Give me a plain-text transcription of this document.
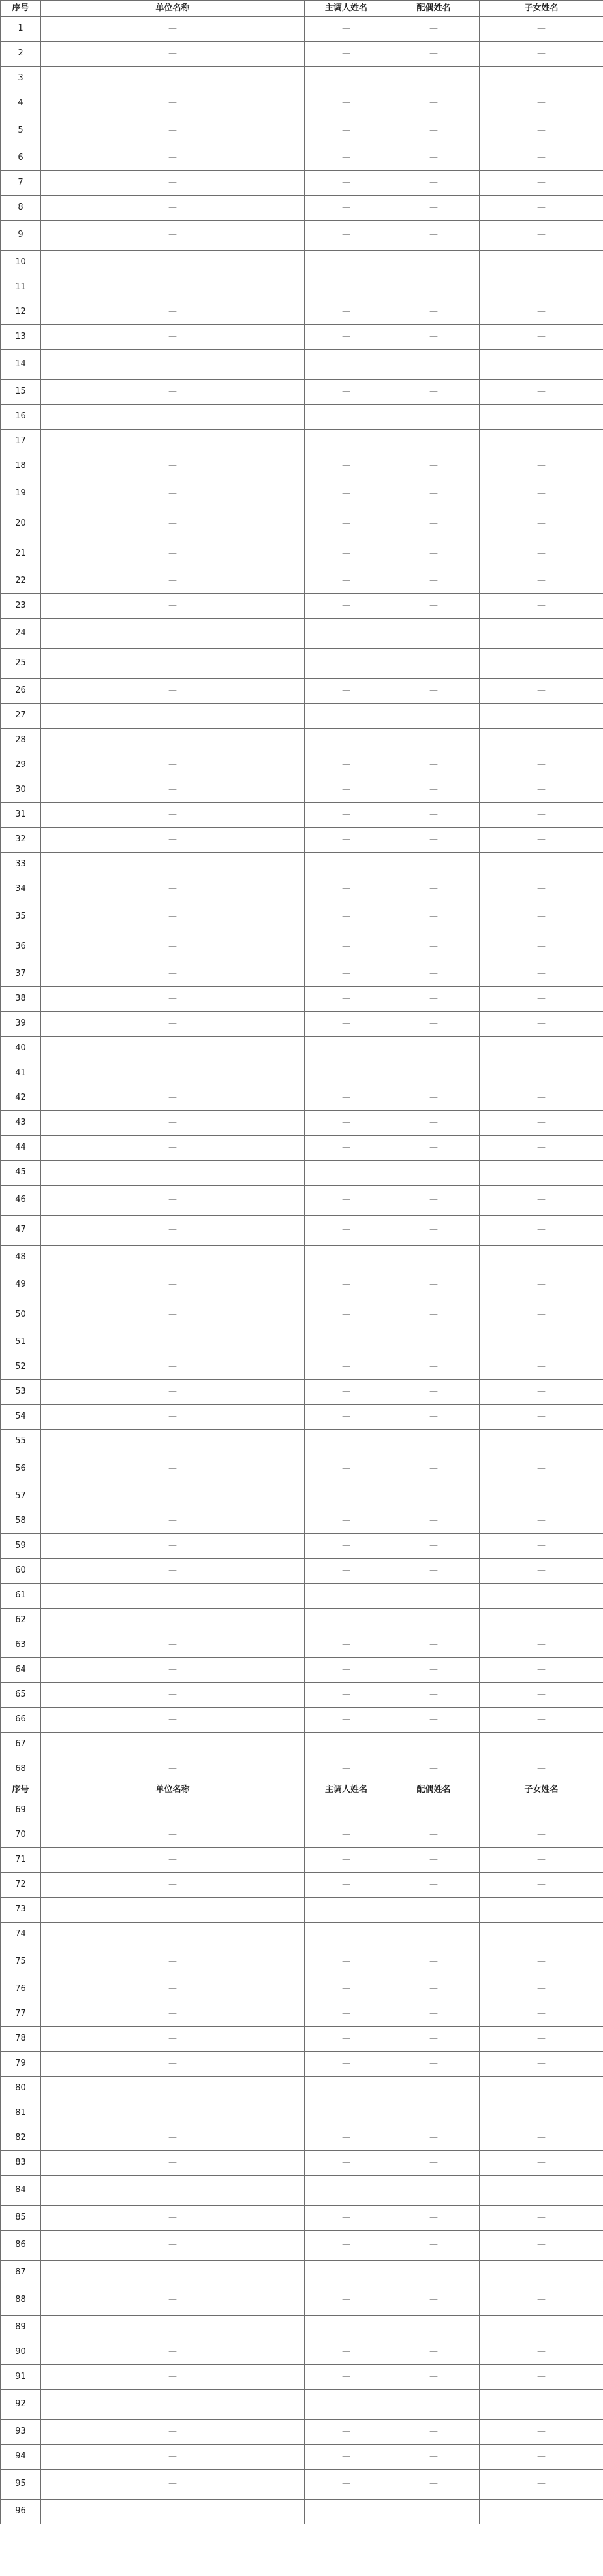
序号	单位名称	主调人姓名	配偶姓名	子女姓名
1	—	—	—	—
2	—	—	—	—
3	—	—	—	—
4	—	—	—	—
5	—	—	—	—
6	—	—	—	—
7	—	—	—	—
8	—	—	—	—
9	—	—	—	—
10	—	—	—	—
11	—	—	—	—
12	—	—	—	—
13	—	—	—	—
14	—	—	—	—
15	—	—	—	—
16	—	—	—	—
17	—	—	—	—
18	—	—	—	—
19	—	—	—	—
20	—	—	—	—
21	—	—	—	—
22	—	—	—	—
23	—	—	—	—
24	—	—	—	—
25	—	—	—	—
26	—	—	—	—
27	—	—	—	—
28	—	—	—	—
29	—	—	—	—
30	—	—	—	—
31	—	—	—	—
32	—	—	—	—
33	—	—	—	—
34	—	—	—	—
35	—	—	—	—
36	—	—	—	—
37	—	—	—	—
38	—	—	—	—
39	—	—	—	—
40	—	—	—	—
41	—	—	—	—
42	—	—	—	—
43	—	—	—	—
44	—	—	—	—
45	—	—	—	—
46	—	—	—	—
47	—	—	—	—
48	—	—	—	—
49	—	—	—	—
50	—	—	—	—
51	—	—	—	—
52	—	—	—	—
53	—	—	—	—
54	—	—	—	—
55	—	—	—	—
56	—	—	—	—
57	—	—	—	—
58	—	—	—	—
59	—	—	—	—
60	—	—	—	—
61	—	—	—	—
62	—	—	—	—
63	—	—	—	—
64	—	—	—	—
65	—	—	—	—
66	—	—	—	—
67	—	—	—	—
68	—	—	—	—
序号	单位名称	主调人姓名	配偶姓名	子女姓名
69	—	—	—	—
70	—	—	—	—
71	—	—	—	—
72	—	—	—	—
73	—	—	—	—
74	—	—	—	—
75	—	—	—	—
76	—	—	—	—
77	—	—	—	—
78	—	—	—	—
79	—	—	—	—
80	—	—	—	—
81	—	—	—	—
82	—	—	—	—
83	—	—	—	—
84	—	—	—	—
85	—	—	—	—
86	—	—	—	—
87	—	—	—	—
88	—	—	—	—
89	—	—	—	—
90	—	—	—	—
91	—	—	—	—
92	—	—	—	—
93	—	—	—	—
94	—	—	—	—
95	—	—	—	—
96	—	—	—	—
